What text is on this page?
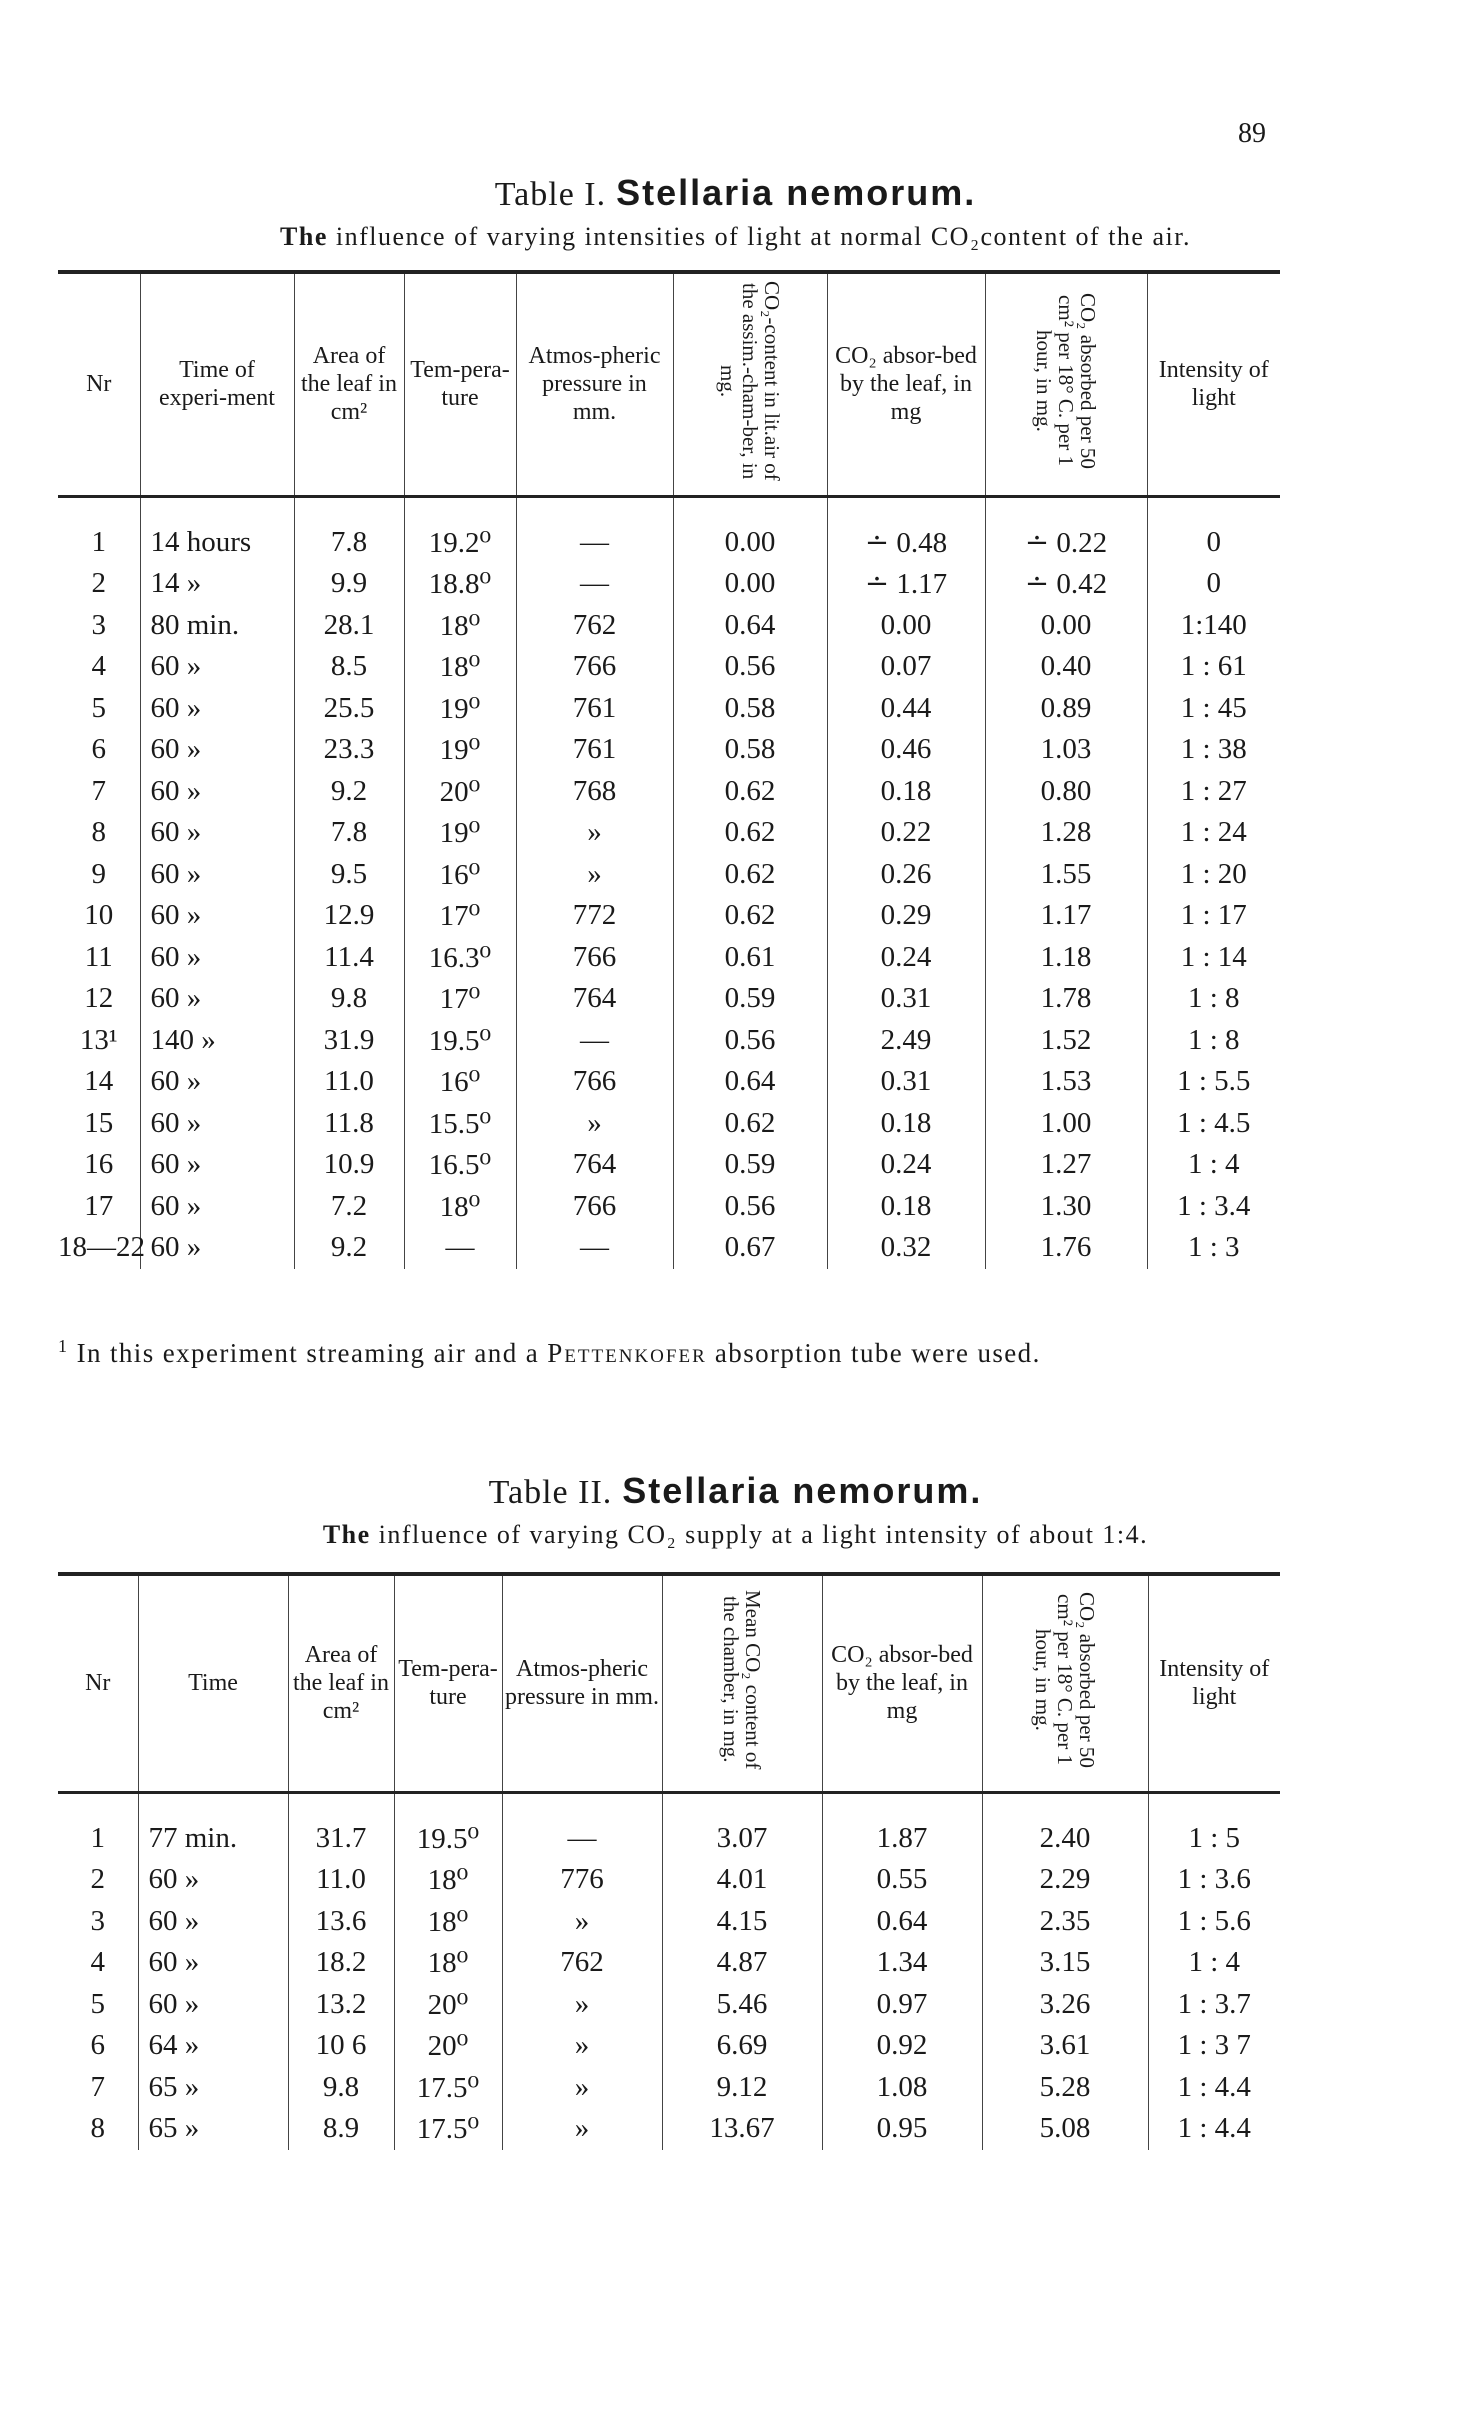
89
Table I. Stellaria nemorum.
The influence of varying intensities of light at normal CO₂content of the air.
Nr	Time of experi-ment	Area of the leaf in cm²	Tem-pera-ture	Atmos-pheric pressure in mm.	CO₂-content in lit.air of the assim.-cham-ber, in mg.	CO₂ absor-bed by the leaf, in mg	CO₂ absorbed per 50 cm² per 18° C. per 1 hour, in mg.	Intensity of light
1	14 hours	7.8	19.2⁰	—	0.00	∸ 0.48	∸ 0.22	0
2	14 »	9.9	18.8⁰	—	0.00	∸ 1.17	∸ 0.42	0
3	80 min.	28.1	18⁰	762	0.64	0.00	0.00	1:140
4	60 »	8.5	18⁰	766	0.56	0.07	0.40	1 : 61
5	60 »	25.5	19⁰	761	0.58	0.44	0.89	1 : 45
6	60 »	23.3	19⁰	761	0.58	0.46	1.03	1 : 38
7	60 »	9.2	20⁰	768	0.62	0.18	0.80	1 : 27
8	60 »	7.8	19⁰	»	0.62	0.22	1.28	1 : 24
9	60 »	9.5	16⁰	»	0.62	0.26	1.55	1 : 20
10	60 »	12.9	17⁰	772	0.62	0.29	1.17	1 : 17
11	60 »	11.4	16.3⁰	766	0.61	0.24	1.18	1 : 14
12	60 »	9.8	17⁰	764	0.59	0.31	1.78	1 : 8
13¹	140 »	31.9	19.5⁰	—	0.56	2.49	1.52	1 : 8
14	60 »	11.0	16⁰	766	0.64	0.31	1.53	1 : 5.5
15	60 »	11.8	15.5⁰	»	0.62	0.18	1.00	1 : 4.5
16	60 »	10.9	16.5⁰	764	0.59	0.24	1.27	1 : 4
17	60 »	7.2	18⁰	766	0.56	0.18	1.30	1 : 3.4
18—22	60 »	9.2	—	—	0.67	0.32	1.76	1 : 3
$^1$ In this experiment streaming air and a Pettenkofer absorption tube were used.
Table II. Stellaria nemorum.
The influence of varying CO₂ supply at a light intensity of about 1:4.
Nr	Time	Area of the leaf in cm²	Tem-pera-ture	Atmos-pheric pressure in mm.	Mean CO₂ content of the chamber, in mg.	CO₂ absor-bed by the leaf, in mg	CO₂ absorbed per 50 cm² per 18° C. per 1 hour, in mg.	Intensity of light
1	77 min.	31.7	19.5⁰	—	3.07	1.87	2.40	1 : 5
2	60 »	11.0	18⁰	776	4.01	0.55	2.29	1 : 3.6
3	60 »	13.6	18⁰	»	4.15	0.64	2.35	1 : 5.6
4	60 »	18.2	18⁰	762	4.87	1.34	3.15	1 : 4
5	60 »	13.2	20⁰	»	5.46	0.97	3.26	1 : 3.7
6	64 »	10 6	20⁰	»	6.69	0.92	3.61	1 : 3 7
7	65 »	9.8	17.5⁰	»	9.12	1.08	5.28	1 : 4.4
8	65 »	8.9	17.5⁰	»	13.67	0.95	5.08	1 : 4.4
